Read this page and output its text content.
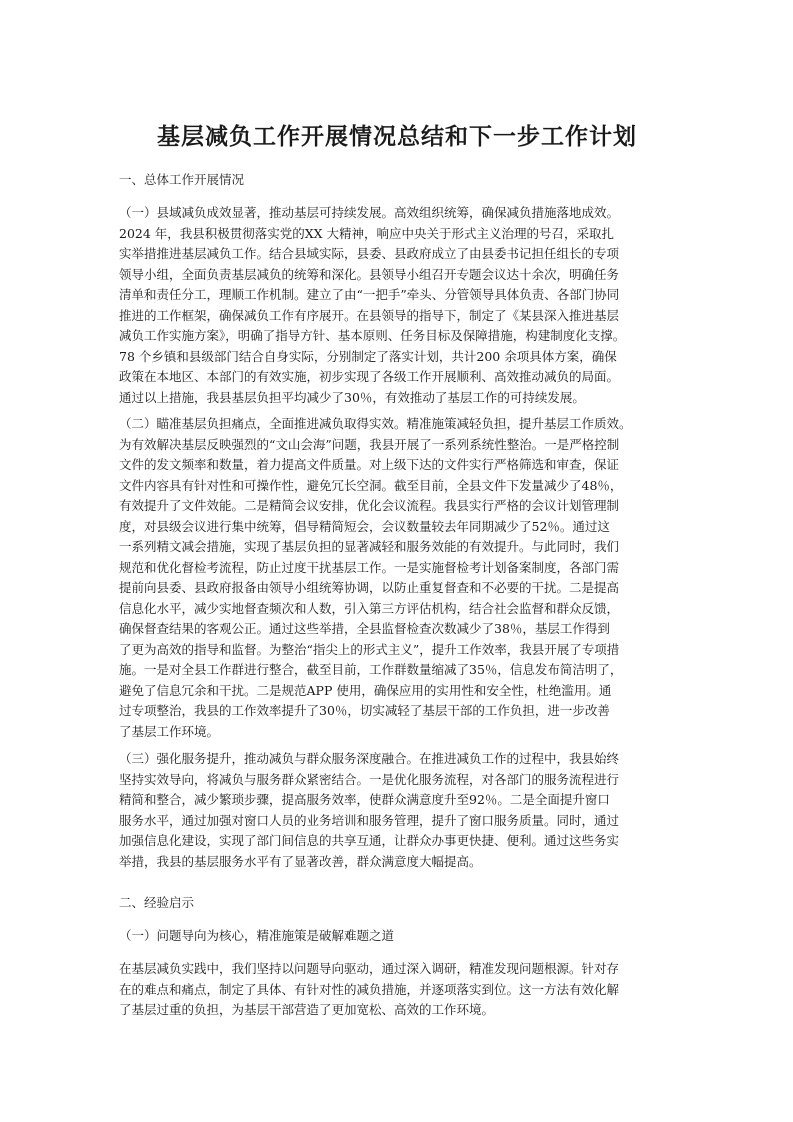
基层减负工作开展情况总结和下一步工作计划

一、总体工作开展情况

（一）县域减负成效显著，推动基层可持续发展。高效组织统筹，确保减负措施落地成效。
2024 年，我县积极贯彻落实党的XX 大精神，响应中央关于形式主义治理的号召，采取扎
实举措推进基层减负工作。结合县域实际，县委、县政府成立了由县委书记担任组长的专项
领导小组，全面负责基层减负的统筹和深化。县领导小组召开专题会议达十余次，明确任务
清单和责任分工，理顺工作机制。建立了由“一把手”牵头、分管领导具体负责、各部门协同
推进的工作框架，确保减负工作有序展开。在县领导的指导下，制定了《某县深入推进基层
减负工作实施方案》，明确了指导方针、基本原则、任务目标及保障措施，构建制度化支撑。
78 个乡镇和县级部门结合自身实际，分别制定了落实计划，共计200 余项具体方案，确保
政策在本地区、本部门的有效实施，初步实现了各级工作开展顺利、高效推动减负的局面。
通过以上措施，我县基层负担平均减少了30％，有效推动了基层工作的可持续发展。
（二）瞄准基层负担痛点，全面推进减负取得实效。精准施策减轻负担，提升基层工作质效。
为有效解决基层反映强烈的“文山会海”问题，我县开展了一系列系统性整治。一是严格控制
文件的发文频率和数量，着力提高文件质量。对上级下达的文件实行严格筛选和审查，保证
文件内容具有针对性和可操作性，避免冗长空洞。截至目前，全县文件下发量减少了48％，
有效提升了文件效能。二是精简会议安排，优化会议流程。我县实行严格的会议计划管理制
度，对县级会议进行集中统筹，倡导精简短会，会议数量较去年同期减少了52％。通过这
一系列精文减会措施，实现了基层负担的显著减轻和服务效能的有效提升。与此同时，我们
规范和优化督检考流程，防止过度干扰基层工作。一是实施督检考计划备案制度，各部门需
提前向县委、县政府报备由领导小组统筹协调，以防止重复督查和不必要的干扰。二是提高
信息化水平，减少实地督查频次和人数，引入第三方评估机构，结合社会监督和群众反馈，
确保督查结果的客观公正。通过这些举措，全县监督检查次数减少了38％，基层工作得到
了更为高效的指导和监督。为整治“指尖上的形式主义”，提升工作效率，我县开展了专项措
施。一是对全县工作群进行整合，截至目前，工作群数量缩减了35％，信息发布简洁明了，
避免了信息冗余和干扰。二是规范APP 使用，确保应用的实用性和安全性，杜绝滥用。通
过专项整治，我县的工作效率提升了30％，切实减轻了基层干部的工作负担，进一步改善
了基层工作环境。
（三）强化服务提升，推动减负与群众服务深度融合。在推进减负工作的过程中，我县始终
坚持实效导向，将减负与服务群众紧密结合。一是优化服务流程，对各部门的服务流程进行
精简和整合，减少繁琐步骤，提高服务效率，使群众满意度升至92％。二是全面提升窗口
服务水平，通过加强对窗口人员的业务培训和服务管理，提升了窗口服务质量。同时，通过
加强信息化建设，实现了部门间信息的共享互通，让群众办事更快捷、便利。通过这些务实
举措，我县的基层服务水平有了显著改善，群众满意度大幅提高。

二、经验启示

（一）问题导向为核心，精准施策是破解难题之道

在基层减负实践中，我们坚持以问题导向驱动，通过深入调研，精准发现问题根源。针对存
在的难点和痛点，制定了具体、有针对性的减负措施，并逐项落实到位。这一方法有效化解
了基层过重的负担，为基层干部营造了更加宽松、高效的工作环境。
